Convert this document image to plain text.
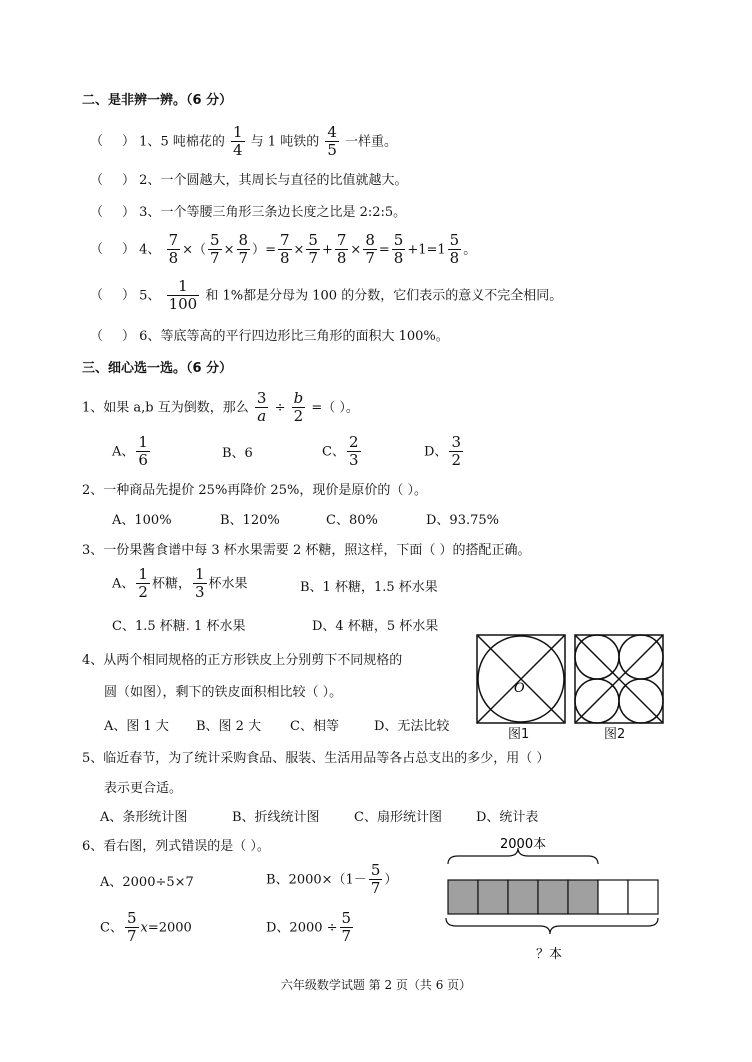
二、是非辨一辨。（6 分）
（ ） 1、5 吨棉花的 $\frac{1}{4}$ 与 1 吨铁的 $\frac{4}{5}$ 一样重。
（ ） 2、一个圆越大，其周长与直径的比值就越大。
（ ） 3、一个等腰三角形三条边长度之比是 2:2:5。
（ ） 4、 $\frac{7}{8}$ ×（ $\frac{5}{7} \times \frac{8}{7}$ ）= $\frac{7}{8} \times \frac{5}{7} + \frac{7}{8} \times \frac{8}{7} = \frac{5}{8} +1=1 \frac{5}{8}$ 。
（ ） 5、 $\frac{1}{100}$ 和 1%都是分母为 100 的分数，它们表示的意义不完全相同。
（ ） 6、等底等高的平行四边形比三角形的面积大 100%。
三、细心选一选。（6 分）
1、如果 a,b 互为倒数，那么 $\frac{3}{a} \div \frac{b}{2}$ =（ ）。
A、 $\frac{1}{6}$	B、6	C、 $\frac{2}{3}$	D、 $\frac{3}{2}$
2、一种商品先提价 25%再降价 25%，现价是原价的（ ）。
A、100%	B、120%	C、80%	D、93.75%
3、一份果酱食谱中每 3 杯水果需要 2 杯糖，照这样，下面（ ）的搭配正确。
A、 $\frac{1}{2}$ 杯糖， $\frac{1}{3}$ 杯水果	B、1 杯糖，1.5 杯水果
C、1.5 杯糖. 1 杯水果	D、4 杯糖，5 杯水果
4、从两个相同规格的正方形铁皮上分别剪下不同规格的
圆（如图），剩下的铁皮面积相比较（ ）。
A、图 1 大 B、图 2 大 C、相等	D、无法比较
O
图1	图2
5、临近春节，为了统计采购食品、服装、生活用品等各占总支出的多少，用（ ）
表示更合适。
A、条形统计图	B、折线统计图	C、扇形统计图	D、统计表
6、看右图，列式错误的是（ ）。
A、2000÷5×7	B、$2000\times(1- \frac{5}{7}$ ）
C、 $\frac{5}{7} x=2000$	D、$2000 \div \frac{5}{7}$
2000本
？本
六年级数学试题 第 2 页（共 6 页）
